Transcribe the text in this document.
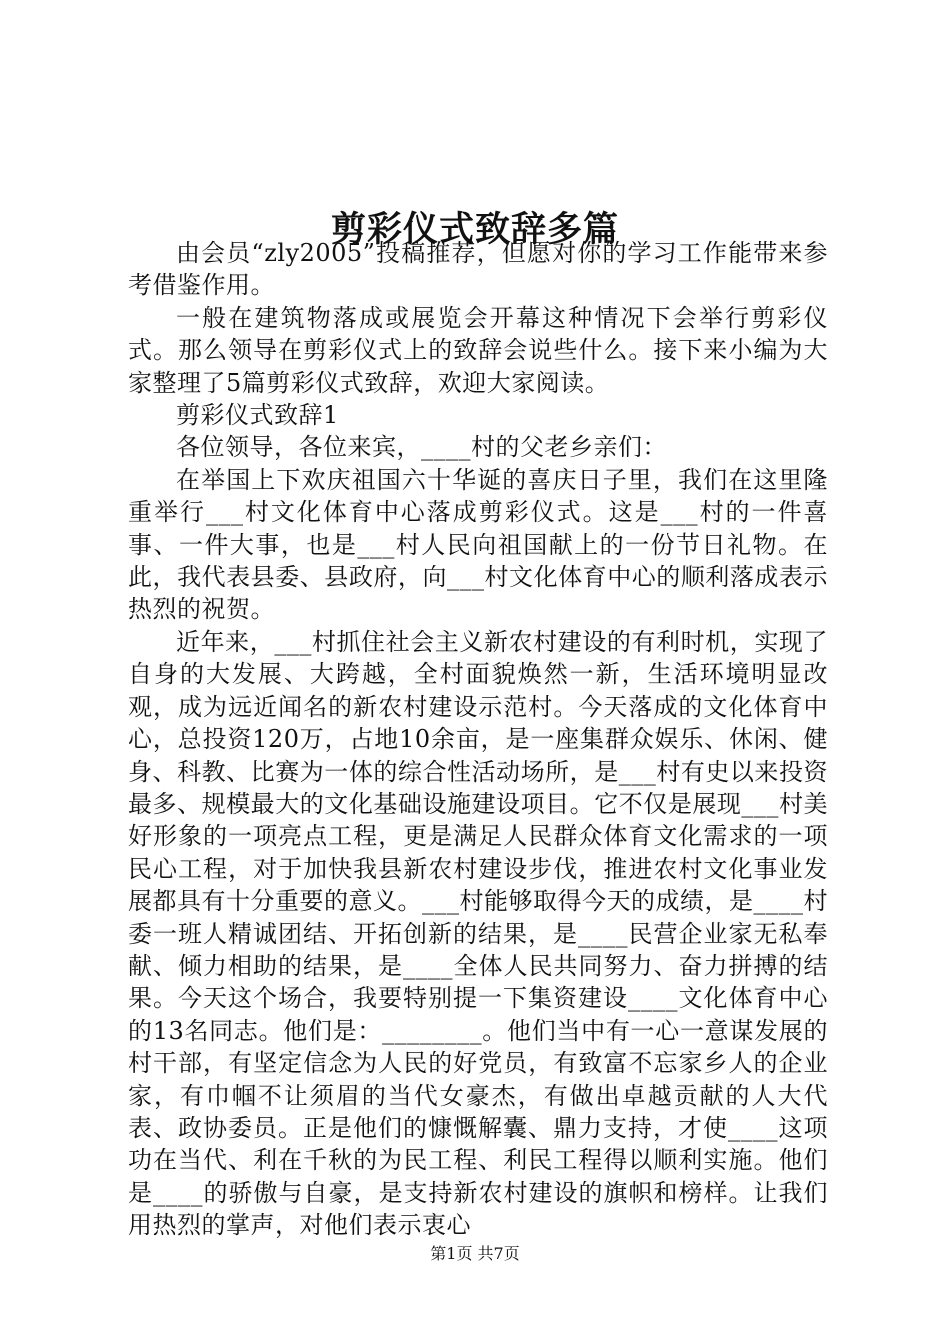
剪彩仪式致辞多篇

由会员“zly2005”投稿推荐，但愿对你的学习工作能带来参考借鉴作用。

一般在建筑物落成或展览会开幕这种情况下会举行剪彩仪式。那么领导在剪彩仪式上的致辞会说些什么。接下来小编为大家整理了5篇剪彩仪式致辞，欢迎大家阅读。

剪彩仪式致辞1

各位领导，各位来宾，____村的父老乡亲们：

在举国上下欢庆祖国六十华诞的喜庆日子里，我们在这里隆重举行___村文化体育中心落成剪彩仪式。这是___村的一件喜事、一件大事，也是___村人民向祖国献上的一份节日礼物。在此，我代表县委、县政府，向___村文化体育中心的顺利落成表示热烈的祝贺。

近年来，___村抓住社会主义新农村建设的有利时机，实现了自身的大发展、大跨越，全村面貌焕然一新，生活环境明显改观，成为远近闻名的新农村建设示范村。今天落成的文化体育中心，总投资120万，占地10余亩，是一座集群众娱乐、休闲、健身、科教、比赛为一体的综合性活动场所，是___村有史以来投资最多、规模最大的文化基础设施建设项目。它不仅是展现___村美好形象的一项亮点工程，更是满足人民群众体育文化需求的一项民心工程，对于加快我县新农村建设步伐，推进农村文化事业发展都具有十分重要的意义。___村能够取得今天的成绩，是____村委一班人精诚团结、开拓创新的结果，是____民营企业家无私奉献、倾力相助的结果，是____全体人民共同努力、奋力拼搏的结果。今天这个场合，我要特别提一下集资建设____文化体育中心的13名同志。他们是：________。他们当中有一心一意谋发展的村干部，有坚定信念为人民的好党员，有致富不忘家乡人的企业家，有巾帼不让须眉的当代女豪杰，有做出卓越贡献的人大代表、政协委员。正是他们的慷慨解囊、鼎力支持，才使____这项功在当代、利在千秋的为民工程、利民工程得以顺利实施。他们是____的骄傲与自豪，是支持新农村建设的旗帜和榜样。让我们用热烈的掌声，对他们表示衷心

第1页 共7页
